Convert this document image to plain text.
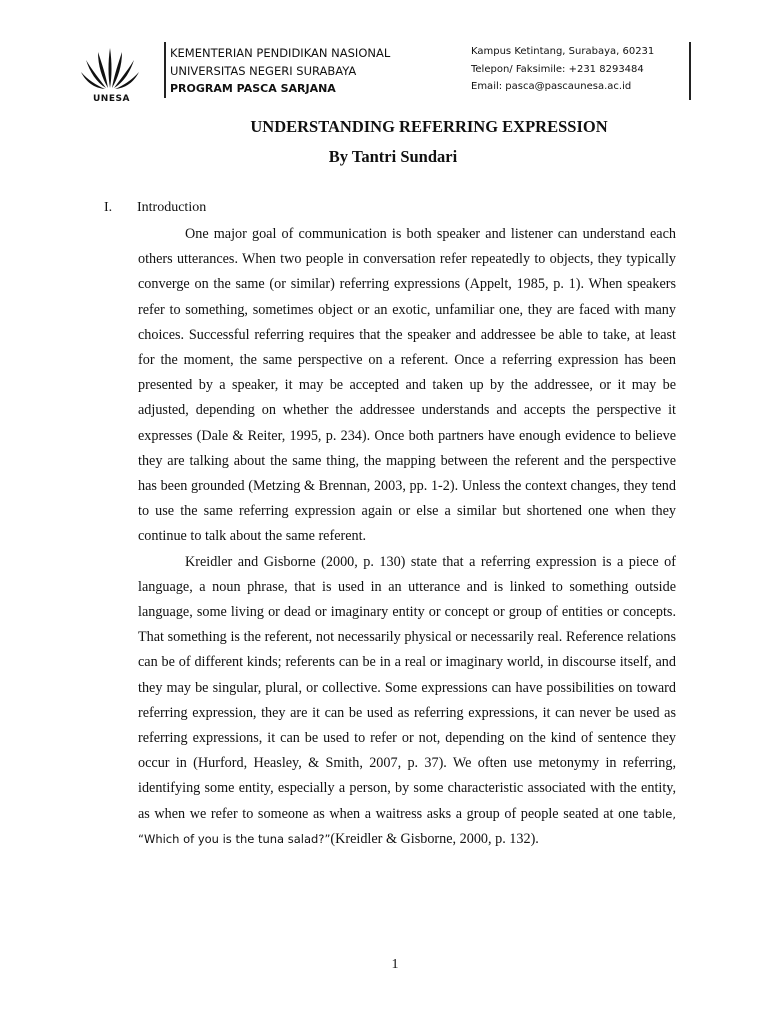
UNESA
KEMENTERIAN PENDIDIKAN NASIONAL
UNIVERSITAS NEGERI SURABAYA
PROGRAM PASCA SARJANA
Kampus Ketintang, Surabaya, 60231
Telepon/ Faksimile: +231 8293484
Email: pasca@pascaunesa.ac.id
UNDERSTANDING REFERRING EXPRESSION
By Tantri Sundari
I. Introduction

One major goal of communication is both speaker and listener can understand each others utterances. When two people in conversation refer repeatedly to objects, they typically converge on the same (or similar) referring expressions (Appelt, 1985, p. 1). When speakers refer to something, sometimes object or an exotic, unfamiliar one, they are faced with many choices. Successful referring requires that the speaker and addressee be able to take, at least for the moment, the same perspective on a referent. Once a referring expression has been presented by a speaker, it may be accepted and taken up by the addressee, or it may be adjusted, depending on whether the addressee understands and accepts the perspective it expresses (Dale & Reiter, 1995, p. 234). Once both partners have enough evidence to believe they are talking about the same thing, the mapping between the referent and the perspective has been grounded (Metzing & Brennan, 2003, pp. 1-2). Unless the context changes, they tend to use the same referring expression again or else a similar but shortened one when they continue to talk about the same referent.

Kreidler and Gisborne (2000, p. 130) state that a referring expression is a piece of language, a noun phrase, that is used in an utterance and is linked to something outside language, some living or dead or imaginary entity or concept or group of entities or concepts. That something is the referent, not necessarily physical or necessarily real. Reference relations can be of different kinds; referents can be in a real or imaginary world, in discourse itself, and they may be singular, plural, or collective. Some expressions can have possibilities on toward referring expression, they are it can be used as referring expressions, it can never be used as referring expressions, it can be used to refer or not, depending on the kind of sentence they occur in (Hurford, Heasley, & Smith, 2007, p. 37). We often use metonymy in referring, identifying some entity, especially a person, by some characteristic associated with the entity, as when we refer to someone as when a waitress asks a group of people seated at one table, “Which of you is the tuna salad?”(Kreidler & Gisborne, 2000, p. 132).

1
